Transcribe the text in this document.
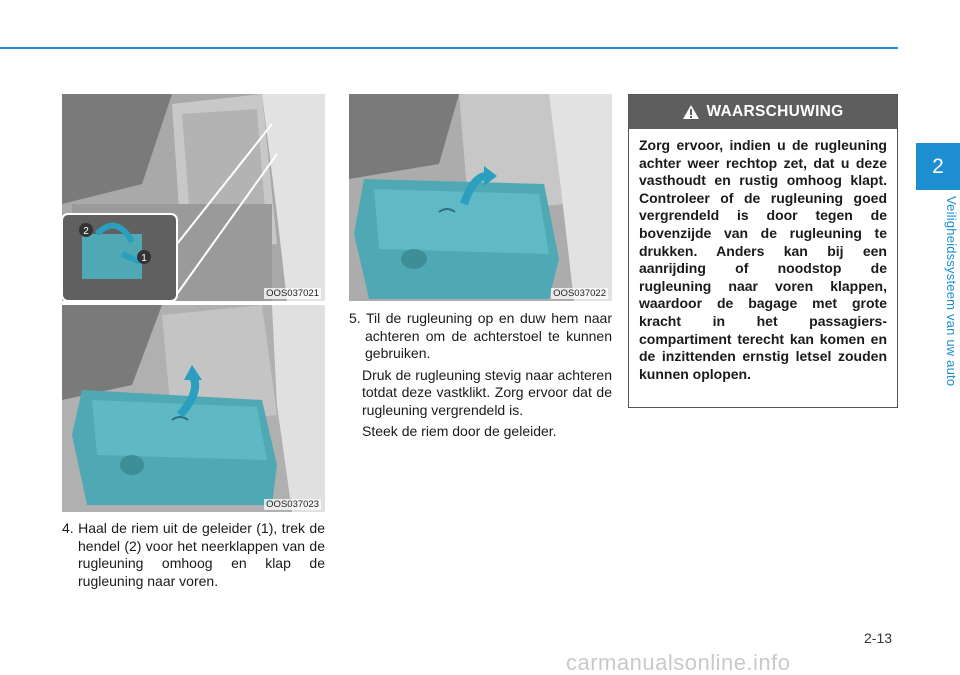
2
Veiligheidssysteem van uw auto
2
1
OOS037021
OOS037023
OOS037022

4. Haal de riem uit de geleider (1), trek de hendel (2) voor het neerklappen van de rugleuning omhoog en klap de rugleuning naar voren.

5. Til de rugleuning op en duw hem naar achteren om de achterstoel te kunnen gebruiken.

Druk de rugleuning stevig naar achteren totdat deze vastklikt. Zorg ervoor dat de rugleuning vergrendeld is.

Steek de riem door de geleider.

WAARSCHUWING
Zorg ervoor, indien u de rugleuning achter weer rechtop zet, dat u deze vasthoudt en rustig omhoog klapt. Controleer of de rugleuning goed vergrendeld is door tegen de bovenzijde van de rugleuning te drukken. Anders kan bij een aanrijding of noodstop de rugleuning naar voren klappen, waardoor de bagage met grote kracht in het passagiers-compartiment terecht kan komen en de inzittenden ernstig letsel zouden kunnen oplopen.
2-13
carmanualsonline.info
